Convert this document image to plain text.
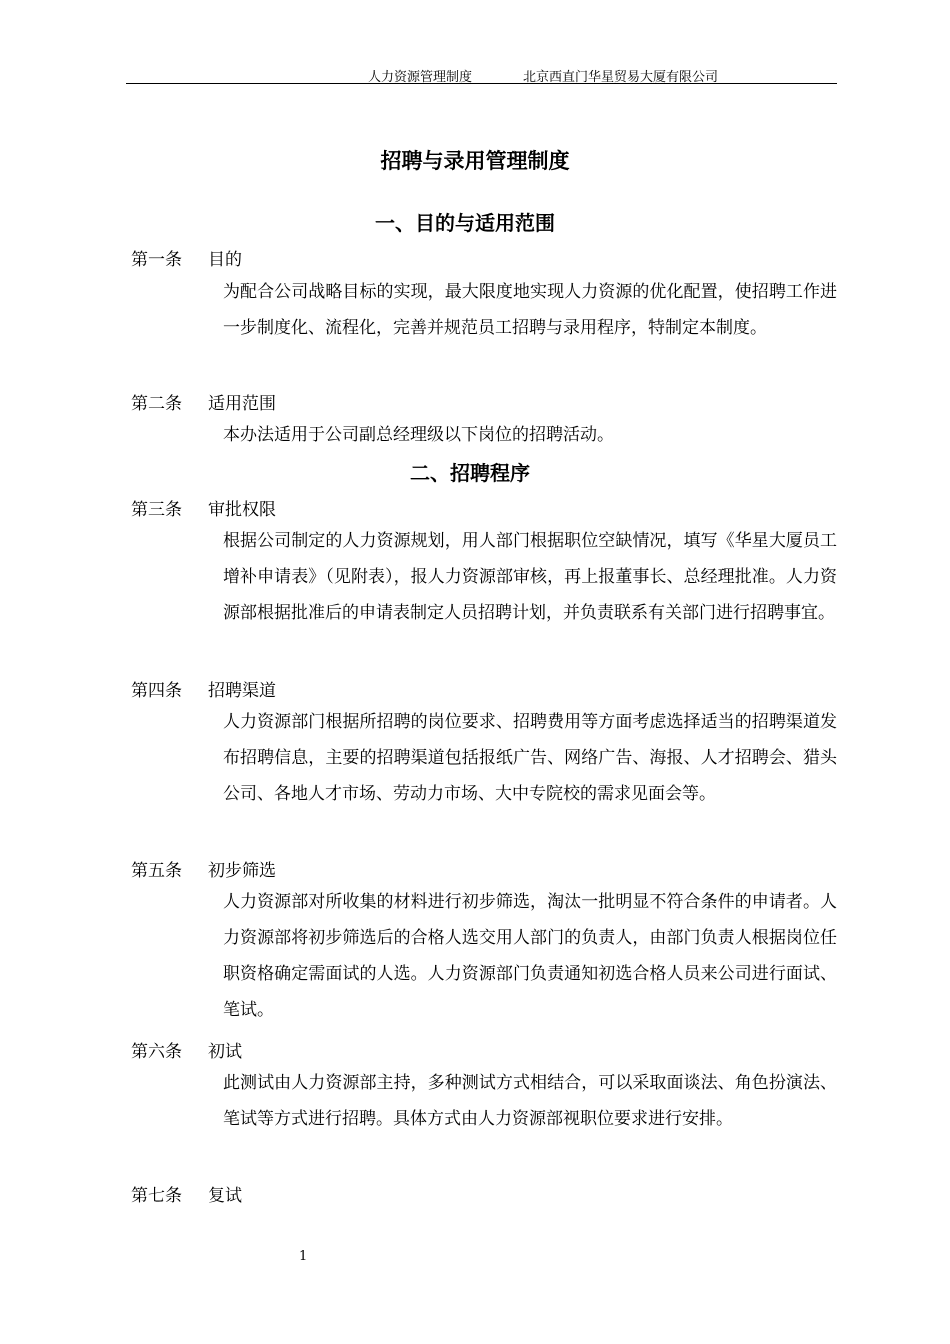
人力资源管理制度	北京西直门华星贸易大厦有限公司
招聘与录用管理制度
一、目的与适用范围
第一条 目的
为配合公司战略目标的实现，最大限度地实现人力资源的优化配置，使招聘工作进一步制度化、流程化，完善并规范员工招聘与录用程序，特制定本制度。
第二条 适用范围
本办法适用于公司副总经理级以下岗位的招聘活动。
二、招聘程序
第三条 审批权限
根据公司制定的人力资源规划，用人部门根据职位空缺情况，填写《华星大厦员工增补申请表》（见附表），报人力资源部审核，再上报董事长、总经理批准。人力资源部根据批准后的申请表制定人员招聘计划，并负责联系有关部门进行招聘事宜。
第四条 招聘渠道
人力资源部门根据所招聘的岗位要求、招聘费用等方面考虑选择适当的招聘渠道发布招聘信息，主要的招聘渠道包括报纸广告、网络广告、海报、人才招聘会、猎头公司、各地人才市场、劳动力市场、大中专院校的需求见面会等。
第五条 初步筛选
人力资源部对所收集的材料进行初步筛选，淘汰一批明显不符合条件的申请者。人力资源部将初步筛选后的合格人选交用人部门的负责人，由部门负责人根据岗位任职资格确定需面试的人选。人力资源部门负责通知初选合格人员来公司进行面试、笔试。
第六条 初试
此测试由人力资源部主持，多种测试方式相结合，可以采取面谈法、角色扮演法、笔试等方式进行招聘。具体方式由人力资源部视职位要求进行安排。
第七条 复试
1
